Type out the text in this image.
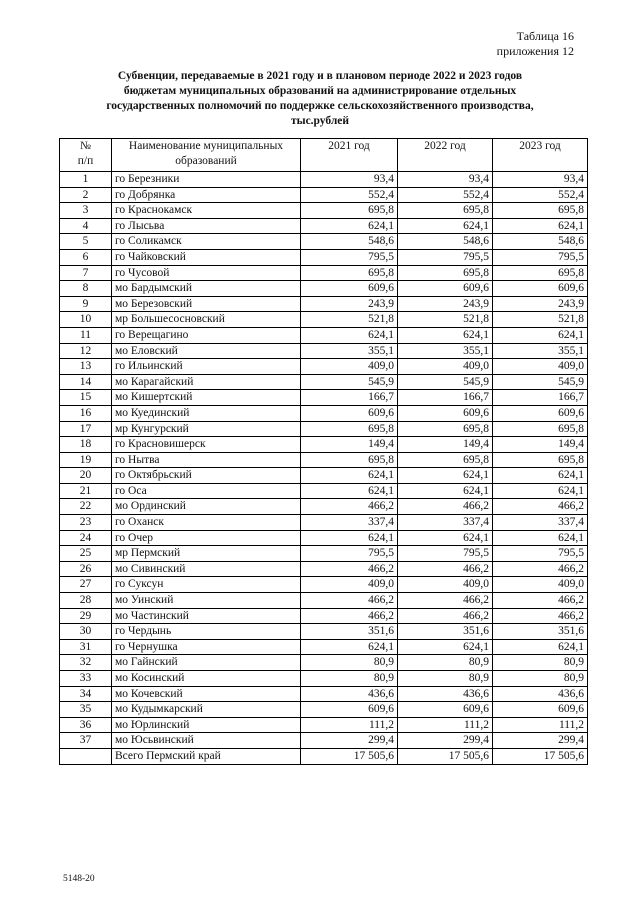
Таблица 16
приложения 12
Субвенции, передаваемые в 2021 году и в плановом периоде 2022 и 2023 годов
бюджетам муниципальных образований на администрирование отдельных
государственных полномочий по поддержке сельскохозяйственного производства,
тыс.рублей
№
п/п	Наименование муниципальных образований	2021 год	2022 год	2023 год
1	го Березники	93,4	93,4	93,4
2	го Добрянка	552,4	552,4	552,4
3	го Краснокамск	695,8	695,8	695,8
4	го Лысьва	624,1	624,1	624,1
5	го Соликамск	548,6	548,6	548,6
6	го Чайковский	795,5	795,5	795,5
7	го Чусовой	695,8	695,8	695,8
8	мо Бардымский	609,6	609,6	609,6
9	мо Березовский	243,9	243,9	243,9
10	мр Большесосновский	521,8	521,8	521,8
11	го Верещагино	624,1	624,1	624,1
12	мо Еловский	355,1	355,1	355,1
13	го Ильинский	409,0	409,0	409,0
14	мо Карагайский	545,9	545,9	545,9
15	мо Кишертский	166,7	166,7	166,7
16	мо Куединский	609,6	609,6	609,6
17	мр Кунгурский	695,8	695,8	695,8
18	го Красновишерск	149,4	149,4	149,4
19	го Нытва	695,8	695,8	695,8
20	го Октябрьский	624,1	624,1	624,1
21	го Оса	624,1	624,1	624,1
22	мо Ординский	466,2	466,2	466,2
23	го Оханск	337,4	337,4	337,4
24	го Очер	624,1	624,1	624,1
25	мр Пермский	795,5	795,5	795,5
26	мо Сивинский	466,2	466,2	466,2
27	го Суксун	409,0	409,0	409,0
28	мо Уинский	466,2	466,2	466,2
29	мо Частинский	466,2	466,2	466,2
30	го Чердынь	351,6	351,6	351,6
31	го Чернушка	624,1	624,1	624,1
32	мо Гайнский	80,9	80,9	80,9
33	мо Косинский	80,9	80,9	80,9
34	мо Кочевский	436,6	436,6	436,6
35	мо Кудымкарский	609,6	609,6	609,6
36	мо Юрлинский	111,2	111,2	111,2
37	мо Юсьвинский	299,4	299,4	299,4
	Всего Пермский край	17 505,6	17 505,6	17 505,6
5148-20
